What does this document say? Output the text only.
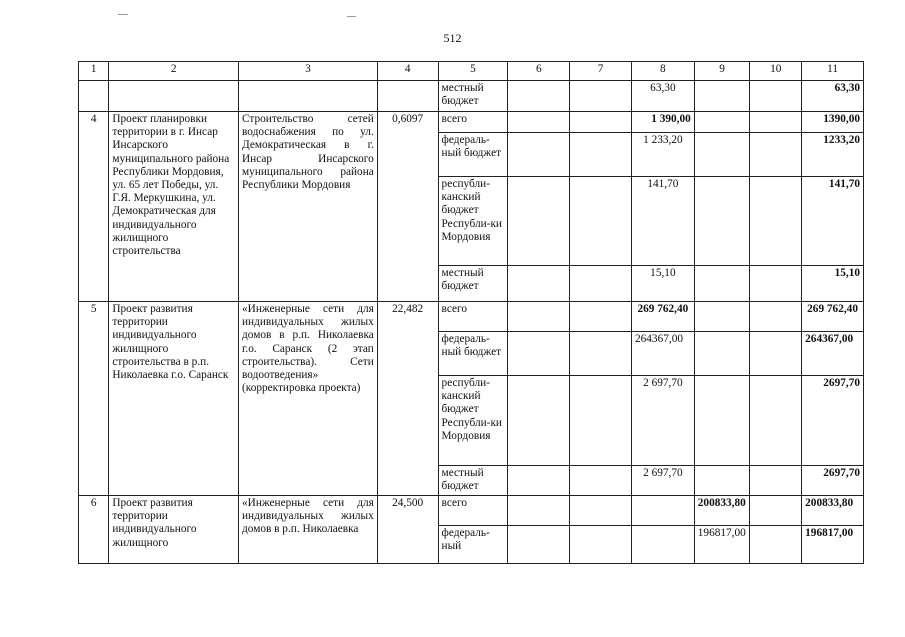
512
1	2	3	4	5	6	7	8	9	10	11
				местный бюджет			63,30			63,30
4	Проект планировки территории в г. Инсар Инсарского муниципального района Республики Мордовия, ул. 65 лет Победы, ул. Г.Я. Меркушкина, ул. Демократическая для индивидуального жилищного строительства	Строительство сетей водоснабжения по ул. Демократическая в г. Инсар Инсарского муниципального района Республики Мордовия	0,6097	всего			1 390,00			1390,00
				федераль-ный бюджет			1 233,20			1233,20
				республи-канский бюджет Республи-ки Мордовия			141,70			141,70
				местный бюджет			15,10			15,10
5	Проект развития территории индивидуального жилищного строительства в р.п. Николаевка г.о. Саранск	«Инженерные сети для индивидуальных жилых домов в р.п. Николаевка г.о. Саранск (2 этап строительства). Сети водоотведения» (корректировка проекта)	22,482	всего			269 762,40			269 762,40
				федераль-ный бюджет			264367,00			264367,00
				республи-канский бюджет Республи-ки Мордовия			2 697,70			2697,70
				местный бюджет			2 697,70			2697,70
6	Проект развития территории индивидуального жилищного	«Инженерные сети для индивидуальных жилых домов в р.п. Николаевка	24,500	всего				200833,80		200833,80
				федераль-ный				196817,00		196817,00
